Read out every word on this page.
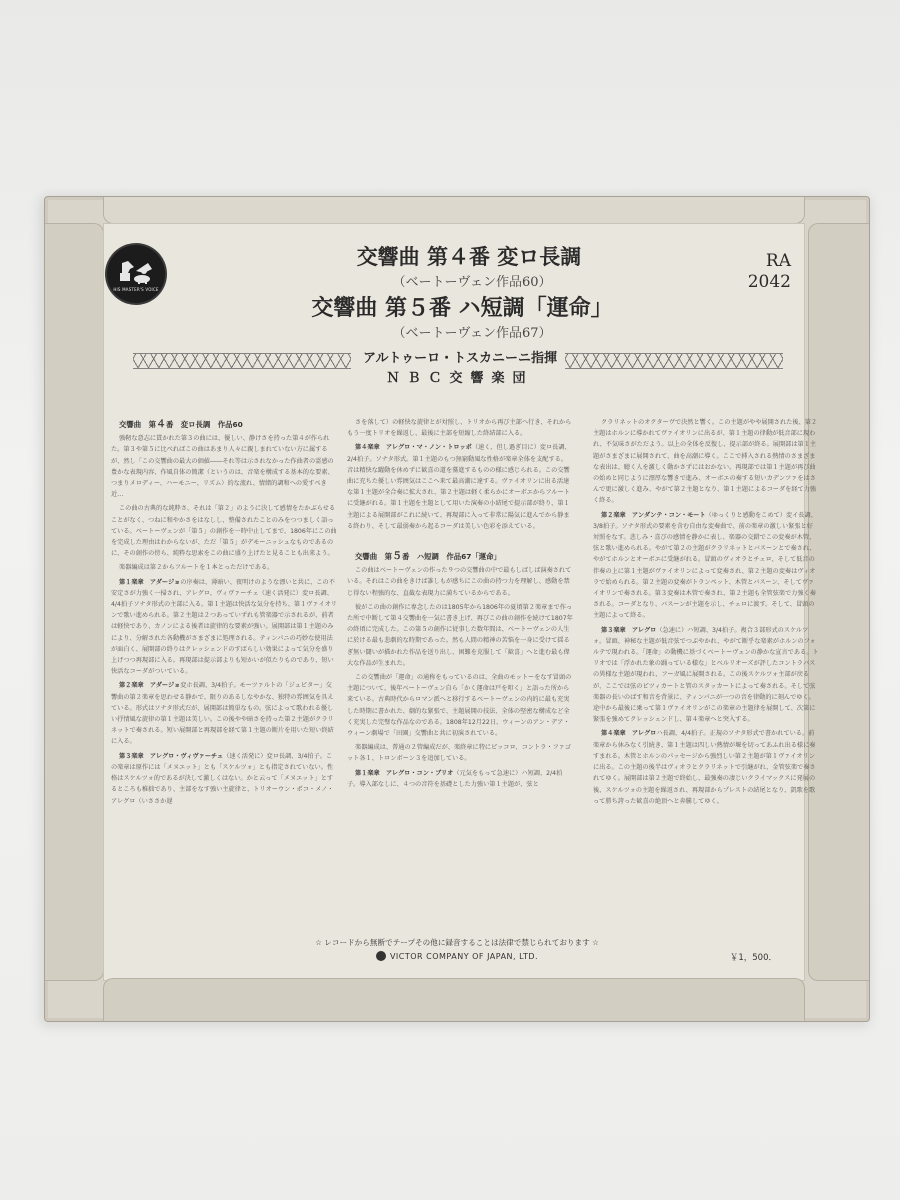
HIS MASTER'S VOICE
交響曲 第４番 変ロ長調
（ベートーヴェン作品60）
交響曲 第５番 ハ短調「運命」
（ベートーヴェン作品67）
RA
2042
アルトゥーロ・トスカニーニ指揮
ＮＢＣ交響楽団
交響曲　第４番　変ロ長調　作品60

強靭な意志に貫かれた第３の曲には、優しい、静けさを持った第４が作られた。第３や第５に比べればこの曲はあまり人々に親しまれていない方に属するが、然し「この交響曲の最大の価値――それ等は示されなかった作曲者の霊感の豊かな表現内容、作風自体の簡潔（というのは、音楽を構成する基本的な要素、つまりメロディー、ハーモニー、リズム）的な流れ、情緒的調和への愛すべき近…

この曲の古典的な純粋さ、それは「第２」のように決して感情をたかぶらせることがなく、つねに和やかさをはなしし、整備されたことのみをつつましく語っている。ベートーヴェンが「第５」の創作を一時中止してまで、1806年にこの曲を完成した理由はわからないが、ただ「第５」がデモーニッシュなものであるのに、その創作の傍ら、純粋な思索をこの曲に盛り上げたと見ることも出来よう。

楽器編成は第２からフルートを１本とっただけである。

第１楽章　アダージョの序奏は、薄暗い、夜明けのような漂いと共に、この不安定さが力強く一掃され、アレグロ、ヴィヴァーチェ（速く活発に）変ロ長調、4/4拍子ソナタ形式の主部に入る。第１主題は快活な気分を持ち、第１ヴァイオリンで歌い進められる。第２主題は２つあっていずれも管楽器で示されるが、前者は軽快であり、カノンによる後者は旋律的な要素が強い。展開部は第１主題のみにより、分解された各動機がさまざまに処理される。ティンパニの巧妙な使用法が面白く、展開部の終りはクレッシェンドのすばらしい効果によって気分を盛り上げつつ再現部に入る。再現部は提示部よりも短かいが似たりものであり、短い快活なコーダがついている。

第２楽章　アダージョ変ホ長調、3/4拍子。モーツァルトの「ジュピター」交響曲の第２楽章を思わせる静かで、限りのあるしなやかな、独特の雰囲気を具えている。形式はソナタ形式だが、展開部は簡単なもの。弦によって歌われる優しい抒情風な旋律の第１主題は美しい。この後やや暗さを持った第２主題がクラリネットで奏される。短い展開部と再現部を経て第１主題の断片を用いた短い終結に入る。

第３楽章　アレグロ・ヴィヴァーチェ（速く活発に）変ロ長調、3/4拍子。この楽章は原作には「メヌエット」とも「スケルツォ」とも指定されていない。性格はスケルツォ的であるが決して激しくはない。かと云って「メヌエット」とするところも稚拙であり、主部をなす強い主旋律と、トリオーウン・ポコ・メノ・アレグロ（いささか遅

さを落して）の軽快な旋律とが対照し、トリオから再び主部へ行き、それからもう一度トリオを繰返し、最後に主部を短縮した終結部に入る。

第４楽章　アレグロ・マ・ノン・トロッポ（速く、但し過ぎ目に）変ロ長調、2/4拍子。ソナタ形式。第１主題のもつ無窮動風な性格が楽章全体を支配する。音は精快な躍動を休めずに歓喜の道を驀進するものの様に感じられる。この交響曲に充ちた優しい雰囲気はここへ来て最高潮に達する。ヴァイオリンに出る活達な第１主題が全合奏に拡大され、第２主題は軽く柔らかにオーボエからフルートに受継がれる。第１主題を主題として用いた演奏の小結尾で提示部が終り、第１主題による展開部がこれに続いて、再現部に入って非常に陽気に進んでから静まる終わり、そして最弱奏から起るコーダは美しい色彩を添えている。

交響曲　第５番　ハ短調　作品67「運命」

この曲はベートーヴェンの作った９つの交響曲の中で最もしばしば演奏されている。それはこの曲をきけば誰しもが感ちにこの曲の持つ力を理解し、感動を禁じ得ない程強的な、直截な表現力に満ちているからである。

彼がこの曲の創作に専念したのは1805年から1806年の夏頃第２楽章まで作った所で中断して第４交響曲を一気に書き上げ、再びこの曲の創作を続けて1807年の終頃に完成した。この第５の創作に従事した数年間は、ベートーヴェンの人生に於ける最も悲劇的な時期であった。然も人間の精神の苦悩を一身に受けて揺るぎ無い闘いが描かれた作品を送り出し、困難を克服して「歓喜」へと進む最も偉大な作品が生まれた。

この交響曲が「運命」の通称をもっているのは、全曲のモットーをなす冒頭の主題について、後年ベートーヴェン自ら「かく運命は戸を叩く」と語った所から来ている。古典時代からロマン派へと移行するベートーヴェンの内的に最も充実した時期に書かれた、劇的な緊張で、主題展開の技法、全体の堅密な構成など全く充実した完璧な作品なのである。1808年12月22日、ウィーンのアン・デア・ウィーン劇場で「田園」交響曲と共に初演されている。

楽器編成は、普通の２管編成だが、楽終章に特にピッコロ、コントラ・ファゴット各１、トロンボーン３を追加している。

第１楽章　アレグロ・コン・ブリオ（元気をもって急速に）ハ短調、2/4拍子。導入部なしに、４つの音符を基礎とした力強い第１主題が、弦と

クラリネットのオクターヴで決然と響く。この主題がやや展開された後、第２主題はホルンに導かれてヴァイオリンに出るが、第１主題の律動が低音部に現われ、不気味さがただよう。以上の全体を反復し、提示部が終る。展開部は第１主題がさまざまに展開されて、曲を高潮に導く。ここで挿入される熱情のさまざまな表出は、聴く人を激しく動かさずにはおかない。再現部では第１主題が再び曲の始めと同じように漂厚な響きで進み、オーボエの奏する短いカデンツァをはさんで更に激しく進み、やがて第２主題となり、第１主題によるコーダを経て力強く終る。

第２楽章　アンダンテ・コン・モート（ゆっくりと感動をこめて）変イ長調、3/8拍子。ソナタ形式の要素を含む自由な変奏曲で、前の楽章の激しい緊張と好対照をなす。悲しみ・喜びの感情を静かに表し、楽器の交錯でこの変奏が木管、弦と歌い進められる。やがて第２の主題がクラリネットとバスーンとで奏され、やがてホルンとオーボエに受継がれる。冒頭のヴィオラとチェロ、そして低音の伴奏の上に第１主題がヴァイオリンによって変奏され、第２主題の変奏はヴィオラで始められる。第２主題の変奏がトランペット、木管とバスーン、そしてヴァイオリンで奏される。第３変奏は木管で奏され、第２主題も全管弦楽で力強く奏される。コーダとなり、バスーンが主題を示し、チェロに渡す。そして、冒頭の主題によって終る。

第３楽章　アレグロ（急速に）ハ短調、3/4拍子。複合３部形式のスケルツォ。冒頭、神秘な主題が低音弦でつぶやかれ、やがて断乎な楽素がホルンのフォルテで現われる。「運命」の動機に基づくベートーヴェンの静かな宣言である。トリオでは「浮かれた象の踊っている様な」とベルリオーズが評したコントラバスの異様な主題が現われ、フーガ風に展開される。この後スケルツォ主部が戻るが、ここでは弦のピツィカートと管のスタッカートによって奏される。そして弦楽器の長いのばす和音を背景に、ティンパニが一つの音を律動的に刻んでゆく。途中から最後に乗って第１ヴァイオリンがこの楽章の主題律を展開して、次第に緊張を強めてクレッシェンドし、第４楽章へと突入する。

第４楽章　アレグロハ長調、4/4拍子。正規のソナタ形式で書かれている。前楽章から休みなく引続き、第１主題は四しい熱情が堰を切ってあふれ出る様に奏すまれる。木管とホルンのパッセージから強烈しい第２主題が第１ヴァイオリンに出る。この主題の後半はヴィオラとクラリネットで引継がれ、金管弦楽で奏されてゆく。展開部は第２主題で終始し、最強奏の凄じいクライマックスに発展の後、スケルツォの主題を繰返され、再現部からプレストの結尾となり、凱歌を歌って勝ち誇った歓喜の絶頂へと奔騰してゆく。

☆ レコードから無断でテープその他に録音することは法律で禁じられております ☆
VICTOR COMPANY OF JAPAN, LTD.	￥1，500．
